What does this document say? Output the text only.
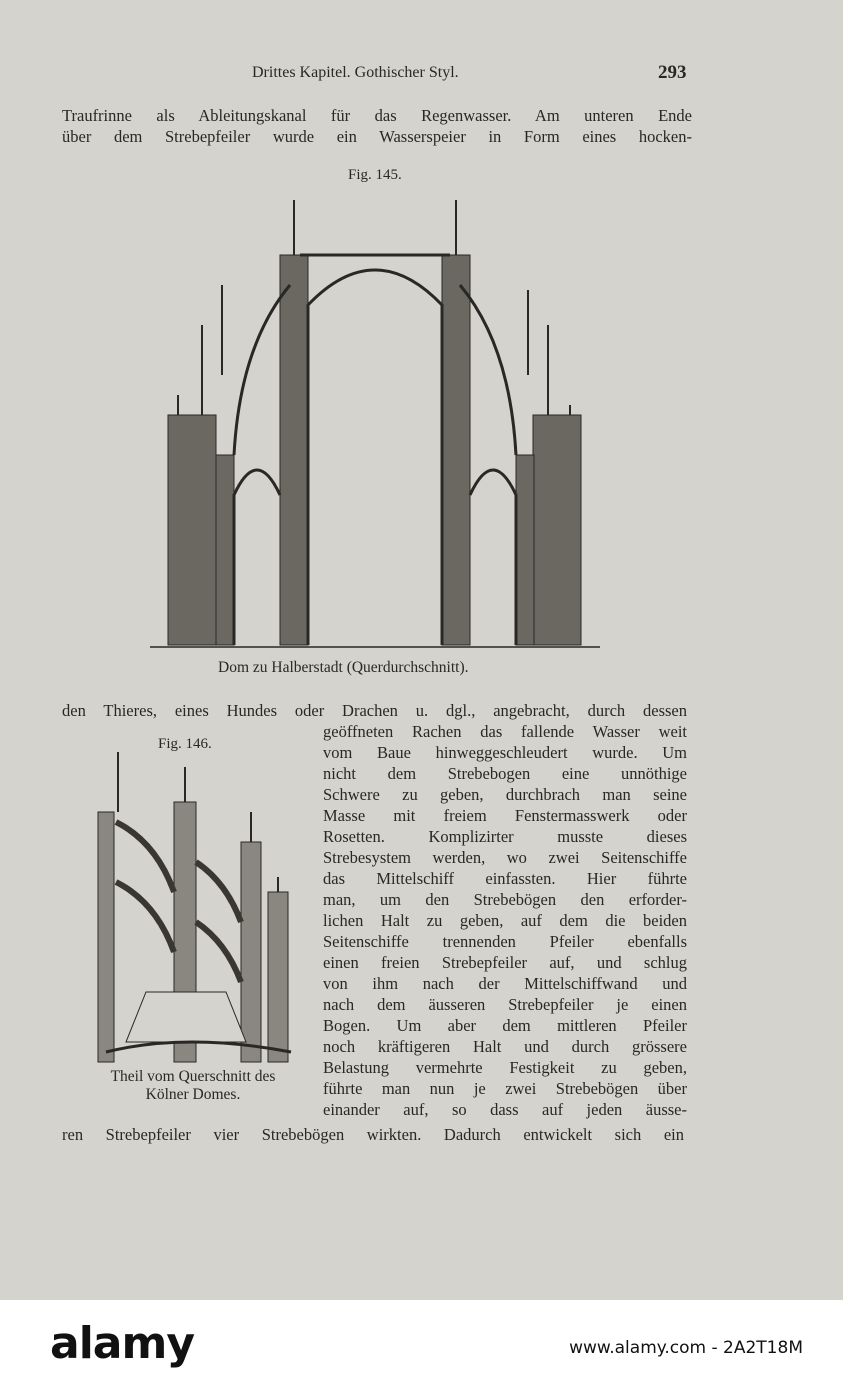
Drittes Kapitel. Gothischer Styl.	293
Traufrinne als Ableitungskanal für das Regenwasser. Am unteren Ende
über dem Strebepfeiler wurde ein Wasserspeier in Form eines hocken-
Fig. 145.
Dom zu Halberstadt (Querdurchschnitt).
den Thieres, eines Hundes oder Drachen u. dgl., angebracht, durch dessen
Fig. 146.
Theil vom Querschnitt des
Kölner Domes.
geöffneten Rachen das fallende Wasser weit
vom Baue hinweggeschleudert wurde. Um
nicht dem Strebebogen eine unnöthige
Schwere zu geben, durchbrach man seine
Masse mit freiem Fenstermasswerk oder
Rosetten. Komplizirter musste dieses
Strebesystem werden, wo zwei Seitenschiffe
das Mittelschiff einfassten. Hier führte
man, um den Strebebögen den erforder-
lichen Halt zu geben, auf dem die beiden
Seitenschiffe trennenden Pfeiler ebenfalls
einen freien Strebepfeiler auf, und schlug
von ihm nach der Mittelschiffwand und
nach dem äusseren Strebepfeiler je einen
Bogen. Um aber dem mittleren Pfeiler
noch kräftigeren Halt und durch grössere
Belastung vermehrte Festigkeit zu geben,
führte man nun je zwei Strebebögen über
einander auf, so dass auf jeden äusse-
ren Strebepfeiler vier Strebebögen wirkten. Dadurch entwickelt sich ein
alamy	www.alamy.com - 2A2T18M
